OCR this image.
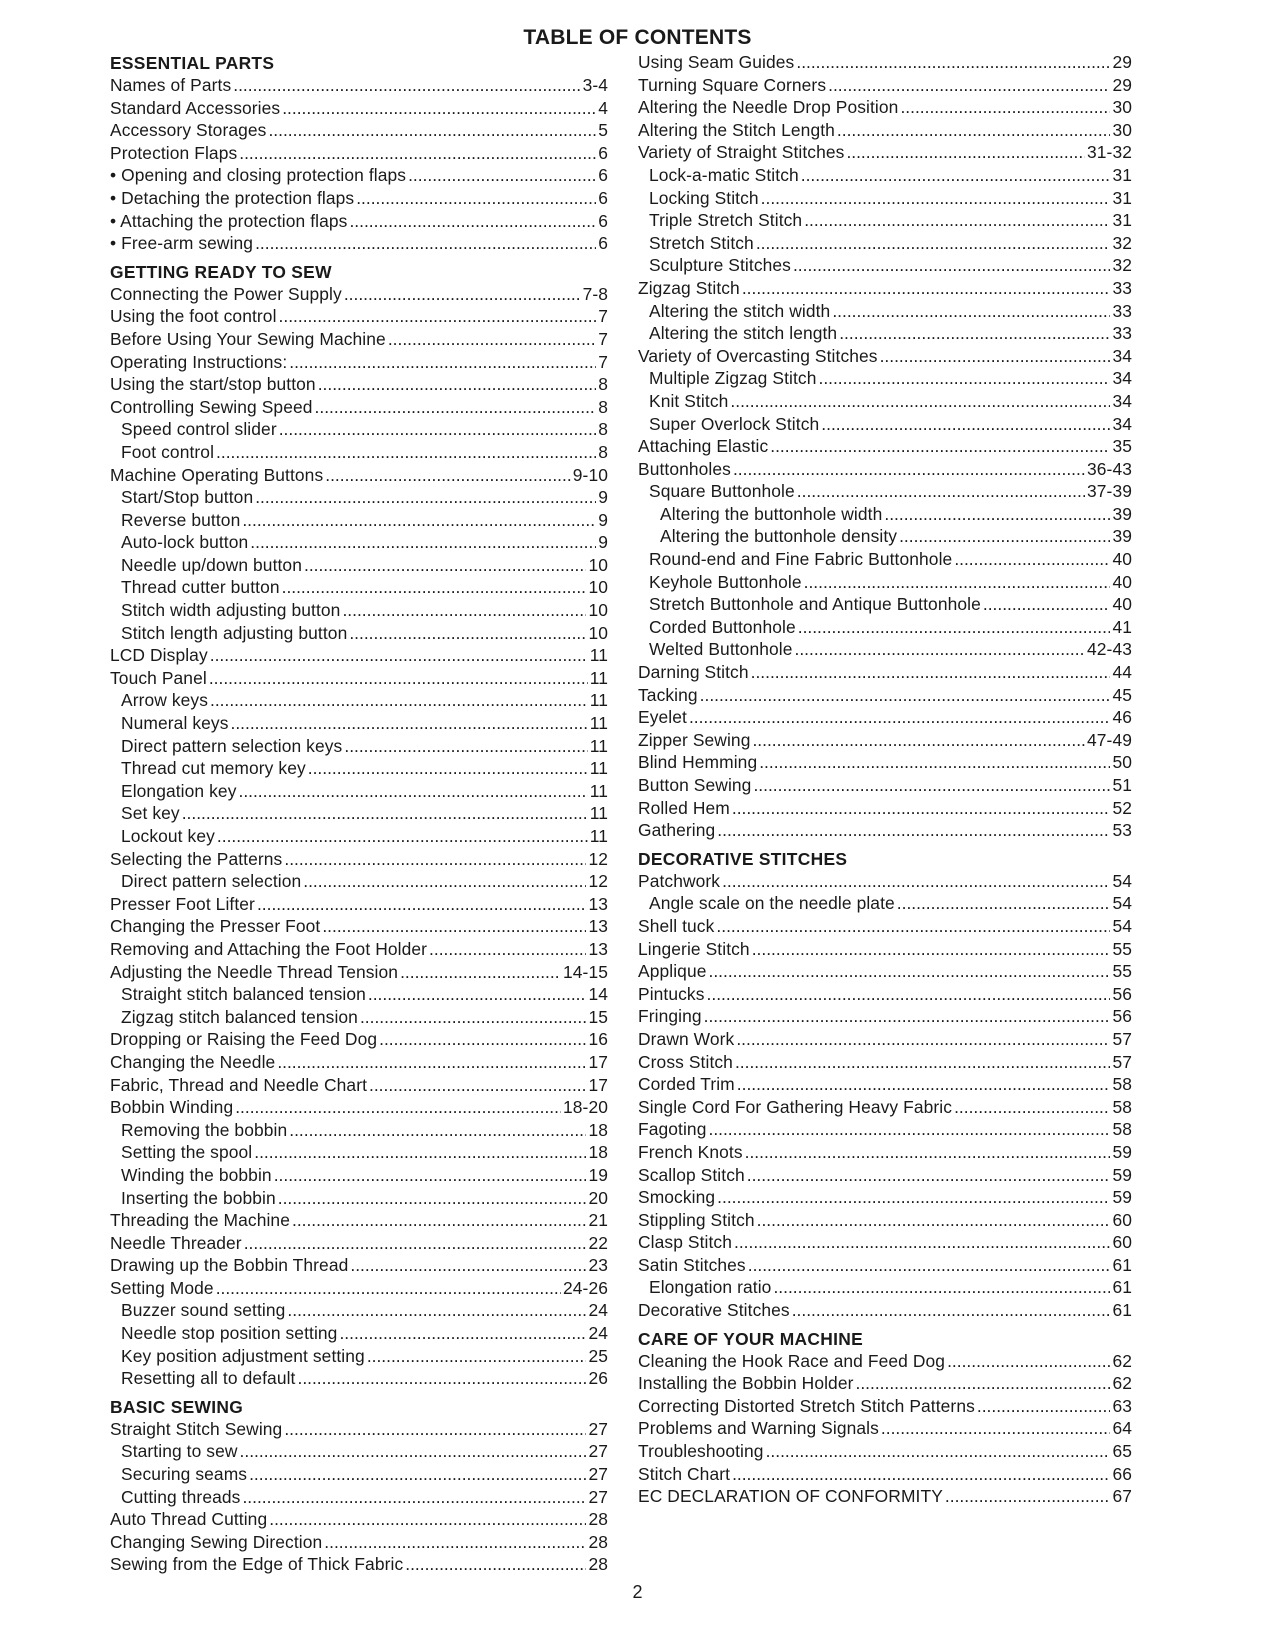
TABLE OF CONTENTS
ESSENTIAL PARTS
Names of Parts .....	3-4
Standard Accessories .....	4
Accessory Storages .....	5
Protection Flaps .....	6
• Opening and closing protection flaps .....	6
• Detaching the protection flaps .....	6
• Attaching the protection flaps .....	6
• Free-arm sewing .....	6
GETTING READY TO SEW
Connecting the Power Supply .....	7-8
Using the foot control .....	7
Before Using Your Sewing Machine .....	7
Operating Instructions: .....	7
Using the start/stop button .....	8
Controlling Sewing Speed .....	8
Speed control slider .....	8
Foot control .....	8
Machine Operating Buttons .....	9-10
Start/Stop button .....	9
Reverse button .....	9
Auto-lock button .....	9
Needle up/down button .....	10
Thread cutter button .....	10
Stitch width adjusting button .....	10
Stitch length adjusting button .....	10
LCD Display .....	11
Touch Panel .....	11
Arrow keys .....	11
Numeral keys .....	11
Direct pattern selection keys .....	11
Thread cut memory key .....	11
Elongation key .....	11
Set key .....	11
Lockout key .....	11
Selecting the Patterns .....	12
Direct pattern selection .....	12
Presser Foot Lifter .....	13
Changing the Presser Foot .....	13
Removing and Attaching the Foot Holder .....	13
Adjusting the Needle Thread Tension .....	14-15
Straight stitch balanced tension .....	14
Zigzag stitch balanced tension .....	15
Dropping or Raising the Feed Dog .....	16
Changing the Needle .....	17
Fabric, Thread and Needle Chart .....	17
Bobbin Winding .....	18-20
Removing the bobbin .....	18
Setting the spool .....	18
Winding the bobbin .....	19
Inserting the bobbin .....	20
Threading the Machine .....	21
Needle Threader .....	22
Drawing up the Bobbin Thread .....	23
Setting Mode .....	24-26
Buzzer sound setting .....	24
Needle stop position setting .....	24
Key position adjustment setting .....	25
Resetting all to default .....	26
BASIC SEWING
Straight Stitch Sewing .....	27
Starting to sew .....	27
Securing seams .....	27
Cutting threads .....	27
Auto Thread Cutting .....	28
Changing Sewing Direction .....	28
Sewing from the Edge of Thick Fabric .....	28
Using Seam Guides .....	29
Turning Square Corners .....	29
Altering the Needle Drop Position .....	30
Altering the Stitch Length .....	30
Variety of Straight Stitches .....	31-32
Lock-a-matic Stitch .....	31
Locking Stitch .....	31
Triple Stretch Stitch .....	31
Stretch Stitch .....	32
Sculpture Stitches .....	32
Zigzag Stitch .....	33
Altering the stitch width .....	33
Altering the stitch length .....	33
Variety of Overcasting Stitches .....	34
Multiple Zigzag Stitch .....	34
Knit Stitch .....	34
Super Overlock Stitch .....	34
Attaching Elastic .....	35
Buttonholes .....	36-43
Square Buttonhole .....	37-39
Altering the buttonhole width .....	39
Altering the buttonhole density .....	39
Round-end and Fine Fabric Buttonhole .....	40
Keyhole Buttonhole .....	40
Stretch Buttonhole and Antique Buttonhole .....	40
Corded Buttonhole .....	41
Welted Buttonhole .....	42-43
Darning Stitch .....	44
Tacking .....	45
Eyelet .....	46
Zipper Sewing .....	47-49
Blind Hemming .....	50
Button Sewing .....	51
Rolled Hem .....	52
Gathering .....	53
DECORATIVE STITCHES
Patchwork .....	54
Angle scale on the needle plate .....	54
Shell tuck .....	54
Lingerie Stitch .....	55
Applique .....	55
Pintucks .....	56
Fringing .....	56
Drawn Work .....	57
Cross Stitch .....	57
Corded Trim .....	58
Single Cord For Gathering Heavy Fabric .....	58
Fagoting .....	58
French Knots .....	59
Scallop Stitch .....	59
Smocking .....	59
Stippling Stitch .....	60
Clasp Stitch .....	60
Satin Stitches .....	61
Elongation ratio .....	61
Decorative Stitches .....	61
CARE OF YOUR MACHINE
Cleaning the Hook Race and Feed Dog .....	62
Installing the Bobbin Holder .....	62
Correcting Distorted Stretch Stitch Patterns .....	63
Problems and Warning Signals .....	64
Troubleshooting .....	65
Stitch Chart .....	66
EC DECLARATION OF CONFORMITY .....	67
2
